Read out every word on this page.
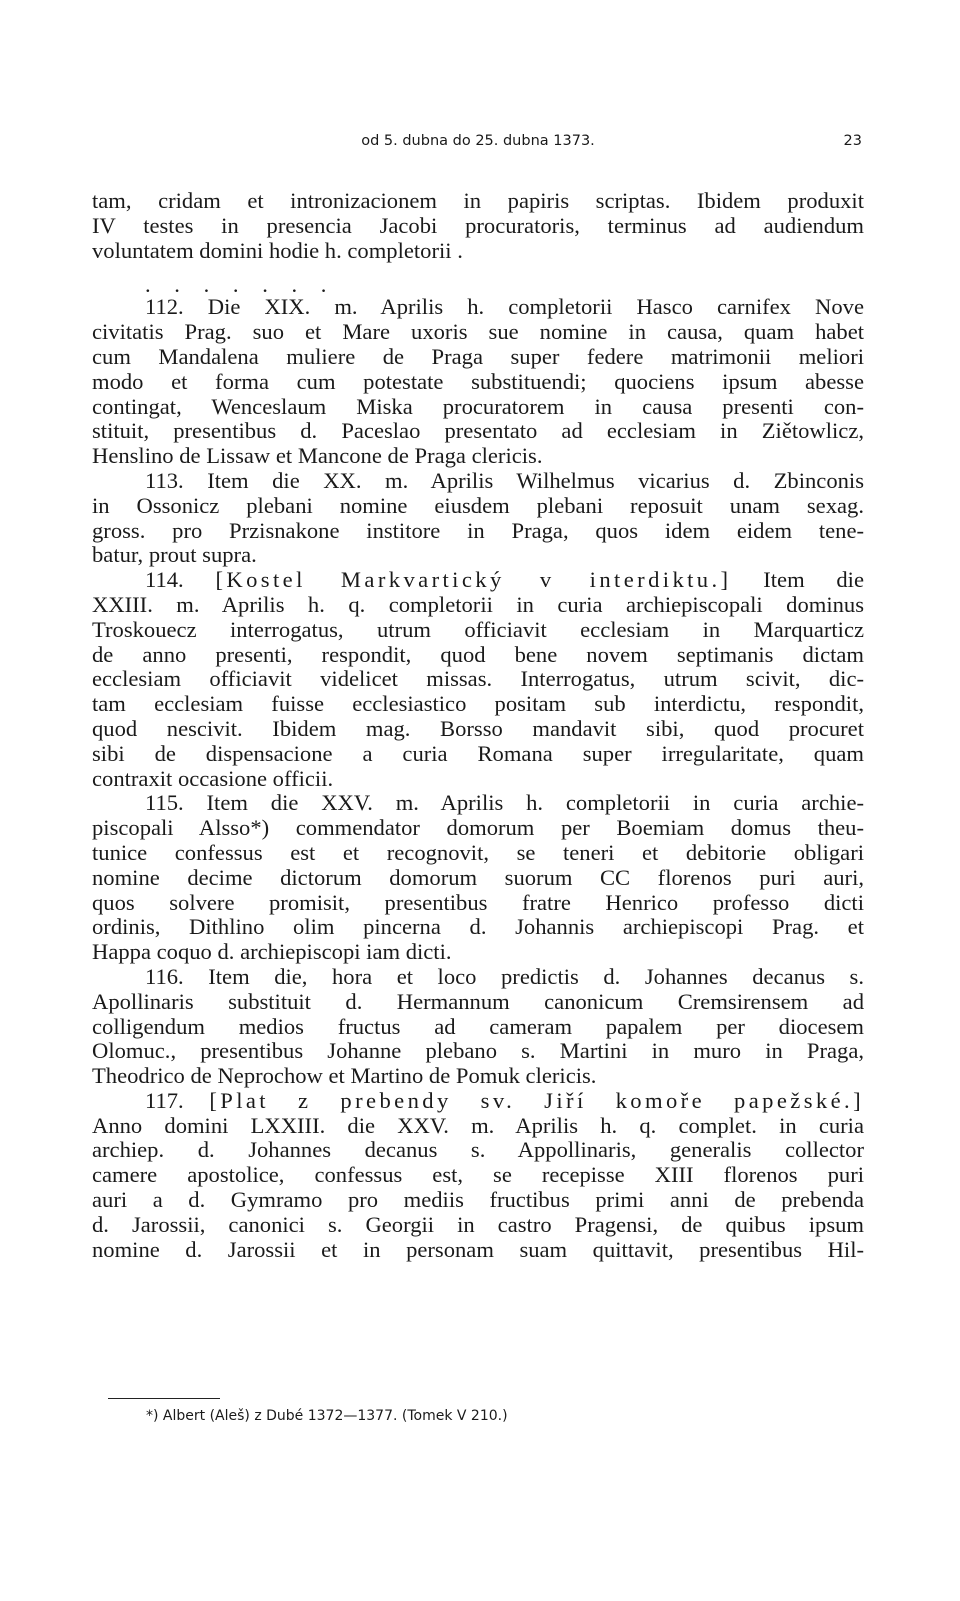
od 5. dubna do 25. dubna 1373.	23
tam, cridam et intronizacionem in papiris scriptas. Ibidem produxit
IV testes in presencia Jacobi procuratoris, terminus ad audiendum
voluntatem domini hodie h. completorii .
. . . . . . .
112. Die XIX. m. Aprilis h. completorii Hasco carnifex Nove
civitatis Prag. suo et Mare uxoris sue nomine in causa, quam habet
cum Mandalena muliere de Praga super federe matrimonii meliori
modo et forma cum potestate substituendi; quociens ipsum abesse
contingat, Wenceslaum Miska procuratorem in causa presenti con-
stituit, presentibus d. Paceslao presentato ad ecclesiam in Ziětowlicz,
Henslino de Lissaw et Mancone de Praga clericis.
113. Item die XX. m. Aprilis Wilhelmus vicarius d. Zbinconis
in Ossonicz plebani nomine eiusdem plebani reposuit unam sexag.
gross. pro Przisnakone institore in Praga, quos idem eidem tene-
batur, prout supra.
114. [Kostel Markvartický v interdiktu.] Item die
XXIII. m. Aprilis h. q. completorii in curia archiepiscopali dominus
Troskouecz interrogatus, utrum officiavit ecclesiam in Marquarticz
de anno presenti, respondit, quod bene novem septimanis dictam
ecclesiam officiavit videlicet missas. Interrogatus, utrum scivit, dic-
tam ecclesiam fuisse ecclesiastico positam sub interdictu, respondit,
quod nescivit. Ibidem mag. Borsso mandavit sibi, quod procuret
sibi de dispensacione a curia Romana super irregularitate, quam
contraxit occasione officii.
115. Item die XXV. m. Aprilis h. completorii in curia archie-
piscopali Alsso*) commendator domorum per Boemiam domus theu-
tunice confessus est et recognovit, se teneri et debitorie obligari
nomine decime dictorum domorum suorum CC florenos puri auri,
quos solvere promisit, presentibus fratre Henrico professo dicti
ordinis, Dithlino olim pincerna d. Johannis archiepiscopi Prag. et
Happa coquo d. archiepiscopi iam dicti.
116. Item die, hora et loco predictis d. Johannes decanus s.
Apollinaris substituit d. Hermannum canonicum Cremsirensem ad
colligendum medios fructus ad cameram papalem per diocesem
Olomuc., presentibus Johanne plebano s. Martini in muro in Praga,
Theodrico de Neprochow et Martino de Pomuk clericis.
117. [Plat z prebendy sv. Jiří komoře papežské.]
Anno domini LXXIII. die XXV. m. Aprilis h. q. complet. in curia
archiep. d. Johannes decanus s. Appollinaris, generalis collector
camere apostolice, confessus est, se recepisse XIII florenos puri
auri a d. Gymramo pro mediis fructibus primi anni de prebenda
d. Jarossii, canonici s. Georgii in castro Pragensi, de quibus ipsum
nomine d. Jarossii et in personam suam quittavit, presentibus Hil-
*) Albert (Aleš) z Dubé 1372—1377. (Tomek V 210.)
